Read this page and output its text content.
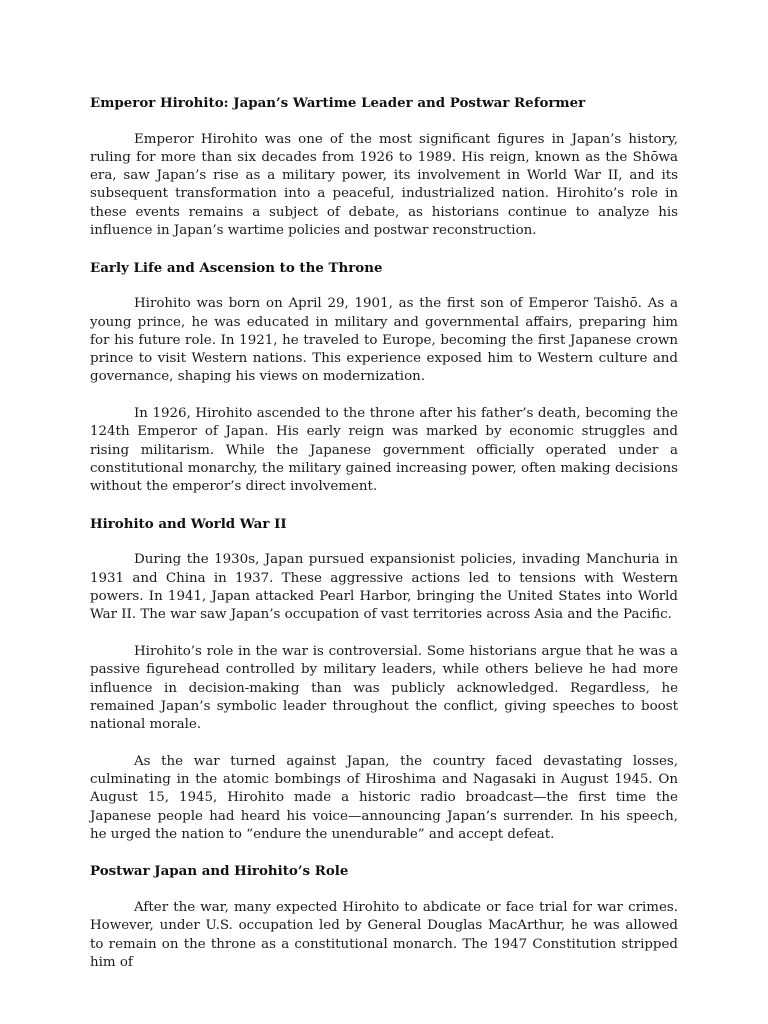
Emperor Hirohito: Japan’s Wartime Leader and Postwar Reformer

Emperor Hirohito was one of the most significant figures in Japan’s history, ruling for more than six decades from 1926 to 1989. His reign, known as the Shōwa era, saw Japan’s rise as a military power, its involvement in World War II, and its subsequent transformation into a peaceful, industrialized nation. Hirohito’s role in these events remains a subject of debate, as historians continue to analyze his influence in Japan’s wartime policies and postwar reconstruction.

Early Life and Ascension to the Throne

Hirohito was born on April 29, 1901, as the first son of Emperor Taishō. As a young prince, he was educated in military and governmental affairs, preparing him for his future role. In 1921, he traveled to Europe, becoming the first Japanese crown prince to visit Western nations. This experience exposed him to Western culture and governance, shaping his views on modernization.

In 1926, Hirohito ascended to the throne after his father’s death, becoming the 124th Emperor of Japan. His early reign was marked by economic struggles and rising militarism. While the Japanese government officially operated under a constitutional monarchy, the military gained increasing power, often making decisions without the emperor’s direct involvement.

Hirohito and World War II

During the 1930s, Japan pursued expansionist policies, invading Manchuria in 1931 and China in 1937. These aggressive actions led to tensions with Western powers. In 1941, Japan attacked Pearl Harbor, bringing the United States into World War II. The war saw Japan’s occupation of vast territories across Asia and the Pacific.

Hirohito’s role in the war is controversial. Some historians argue that he was a passive figurehead controlled by military leaders, while others believe he had more influence in decision-making than was publicly acknowledged. Regardless, he remained Japan’s symbolic leader throughout the conflict, giving speeches to boost national morale.

As the war turned against Japan, the country faced devastating losses, culminating in the atomic bombings of Hiroshima and Nagasaki in August 1945. On August 15, 1945, Hirohito made a historic radio broadcast—the first time the Japanese people had heard his voice—announcing Japan’s surrender. In his speech, he urged the nation to “endure the unendurable” and accept defeat.

Postwar Japan and Hirohito’s Role

After the war, many expected Hirohito to abdicate or face trial for war crimes. However, under U.S. occupation led by General Douglas MacArthur, he was allowed to remain on the throne as a constitutional monarch. The 1947 Constitution stripped him of
